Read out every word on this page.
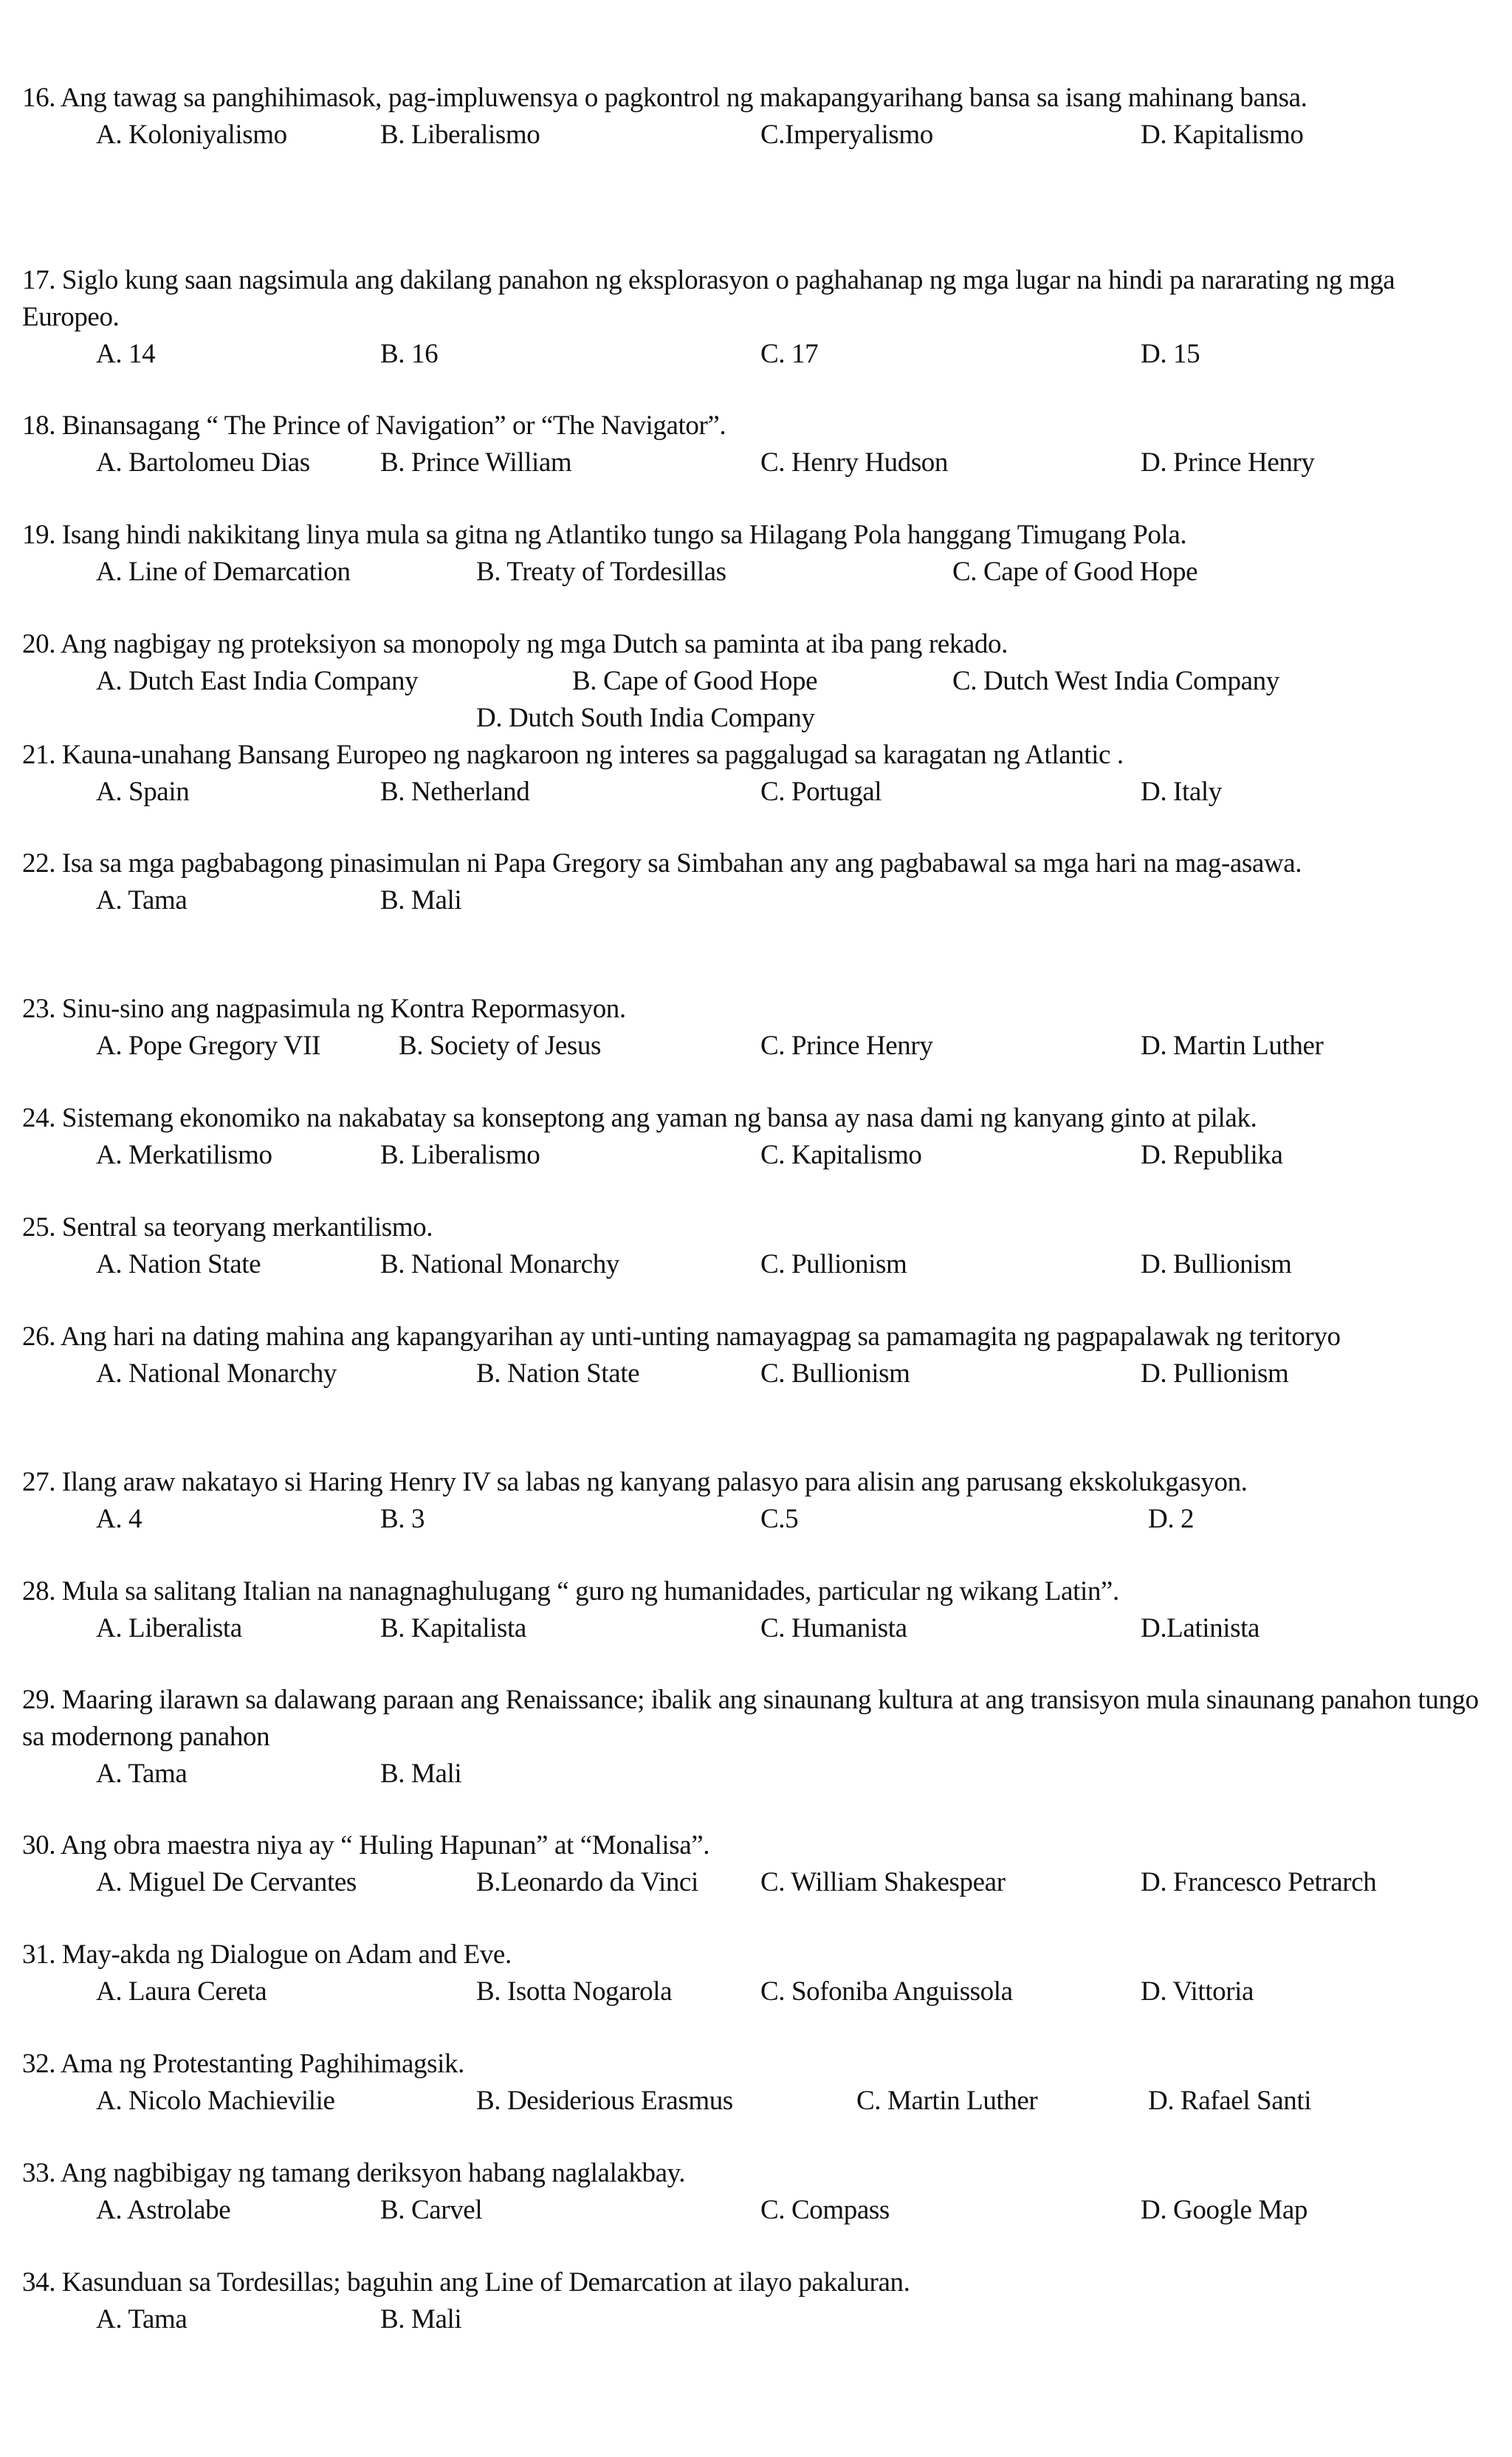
16. Ang tawag sa panghihimasok, pag-impluwensya o pagkontrol ng makapangyarihang bansa sa isang mahinang bansa.
A. Koloniyalismo	B. Liberalismo	C.Imperyalismo	D. Kapitalismo
17. Siglo kung saan nagsimula ang dakilang panahon ng eksplorasyon o paghahanap ng mga lugar na hindi pa nararating ng mga Europeo.
A. 14	B. 16	C. 17	D. 15
18. Binansagang “ The Prince of Navigation” or “The Navigator”.
A. Bartolomeu Dias	B. Prince William	C. Henry Hudson	D. Prince Henry
19. Isang hindi nakikitang linya mula sa gitna ng Atlantiko tungo sa Hilagang Pola hanggang Timugang Pola.
A. Line of Demarcation	B. Treaty of Tordesillas	C. Cape of Good Hope
20. Ang nagbigay ng proteksiyon sa monopoly ng mga Dutch sa paminta at iba pang rekado.
A. Dutch East India Company	B. Cape of Good Hope	C. Dutch West India Company
D. Dutch South India Company
21. Kauna-unahang Bansang Europeo ng nagkaroon ng interes sa paggalugad sa karagatan ng Atlantic .
A. Spain	B. Netherland	C. Portugal	D. Italy
22. Isa sa mga pagbabagong pinasimulan ni Papa Gregory sa Simbahan any ang pagbabawal sa mga hari na mag-asawa.
A. Tama	B. Mali
23. Sinu-sino ang nagpasimula ng Kontra Repormasyon.
A. Pope Gregory VII	B. Society of Jesus	C. Prince Henry	D. Martin Luther
24. Sistemang ekonomiko na nakabatay sa konseptong ang yaman ng bansa ay nasa dami ng kanyang ginto at pilak.
A. Merkatilismo	B. Liberalismo	C. Kapitalismo	D. Republika
25. Sentral sa teoryang merkantilismo.
A. Nation State	B. National Monarchy	C. Pullionism	D. Bullionism
26. Ang hari na dating mahina ang kapangyarihan ay unti-unting namayagpag sa pamamagita ng pagpapalawak ng teritoryo
A. National Monarchy	B. Nation State	C. Bullionism	D. Pullionism
27. Ilang araw nakatayo si Haring Henry IV sa labas ng kanyang palasyo para alisin ang parusang ekskolukgasyon.
A. 4	B. 3	C.5	D. 2
28. Mula sa salitang Italian na nanagnaghulugang “ guro ng humanidades, particular ng wikang Latin”.
A. Liberalista	B. Kapitalista	C. Humanista	D.Latinista
29. Maaring ilarawn sa dalawang paraan ang Renaissance; ibalik ang sinaunang kultura at ang transisyon mula sinaunang panahon tungo sa modernong panahon
A. Tama	B. Mali
30. Ang obra maestra niya ay “ Huling Hapunan” at “Monalisa”.
A. Miguel De Cervantes	B.Leonardo da Vinci C. William Shakespear	D. Francesco Petrarch
31. May-akda ng Dialogue on Adam and Eve.
A. Laura Cereta	B. Isotta Nogarola	C. Sofoniba Anguissola	D. Vittoria
32. Ama ng Protestanting Paghihimagsik.
A. Nicolo Machievilie	B. Desiderious Erasmus	C. Martin Luther	D. Rafael Santi
33. Ang nagbibigay ng tamang deriksyon habang naglalakbay.
A. Astrolabe	B. Carvel	C. Compass	D. Google Map
34. Kasunduan sa Tordesillas; baguhin ang Line of Demarcation at ilayo pakaluran.
A. Tama	B. Mali
